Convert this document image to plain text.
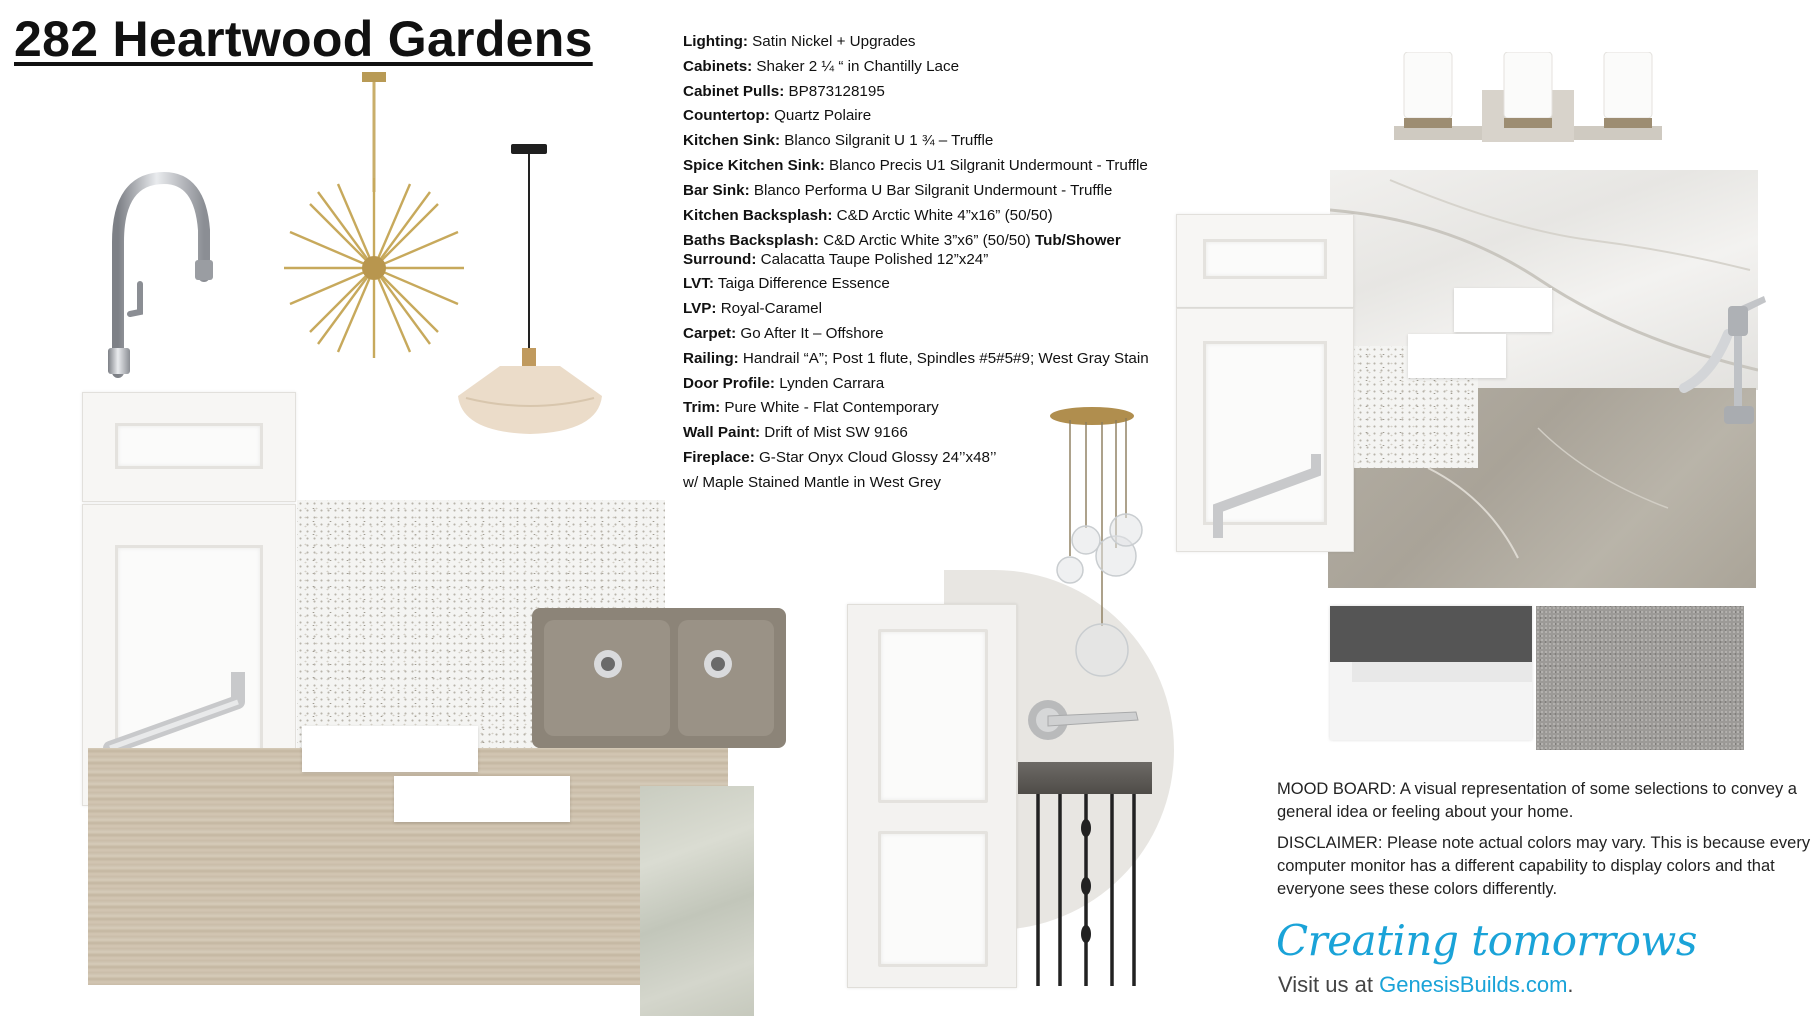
282 Heartwood Gardens	Lighting: Satin Nickel + Upgrades
Cabinets: Shaker 2 ¼ “ in Chantilly Lace
Cabinet Pulls: BP873128195
Countertop: Quartz Polaire
Kitchen Sink: Blanco Silgranit U 1 ¾ – Truffle
Spice Kitchen Sink: Blanco Precis U1 Silgranit Undermount - Truffle
Bar Sink: Blanco Performa U Bar Silgranit Undermount - Truffle
Kitchen Backsplash: C&D Arctic White 4”x16” (50/50)
Baths Backsplash: C&D Arctic White 3”x6” (50/50) Tub/Shower Surround: Calacatta Taupe Polished 12”x24”
LVT: Taiga Difference Essence
LVP: Royal-Caramel
Carpet: Go After It – Offshore
Railing: Handrail “A”; Post 1 flute, Spindles #5#5#9; West Gray Stain
Door Profile: Lynden Carrara
Trim: Pure White - Flat Contemporary
Wall Paint: Drift of Mist SW 9166
Fireplace: G-Star Onyx Cloud Glossy 24’’x48’’
w/ Maple Stained Mantle in West Grey
MOOD BOARD: A visual representation of some selections to convey a general idea or feeling about your home.
DISCLAIMER: Please note actual colors may vary. This is because every computer monitor has a different capability to display colors and that everyone sees these colors differently.
Creating tomorrows
Visit us at GenesisBuilds.com.
